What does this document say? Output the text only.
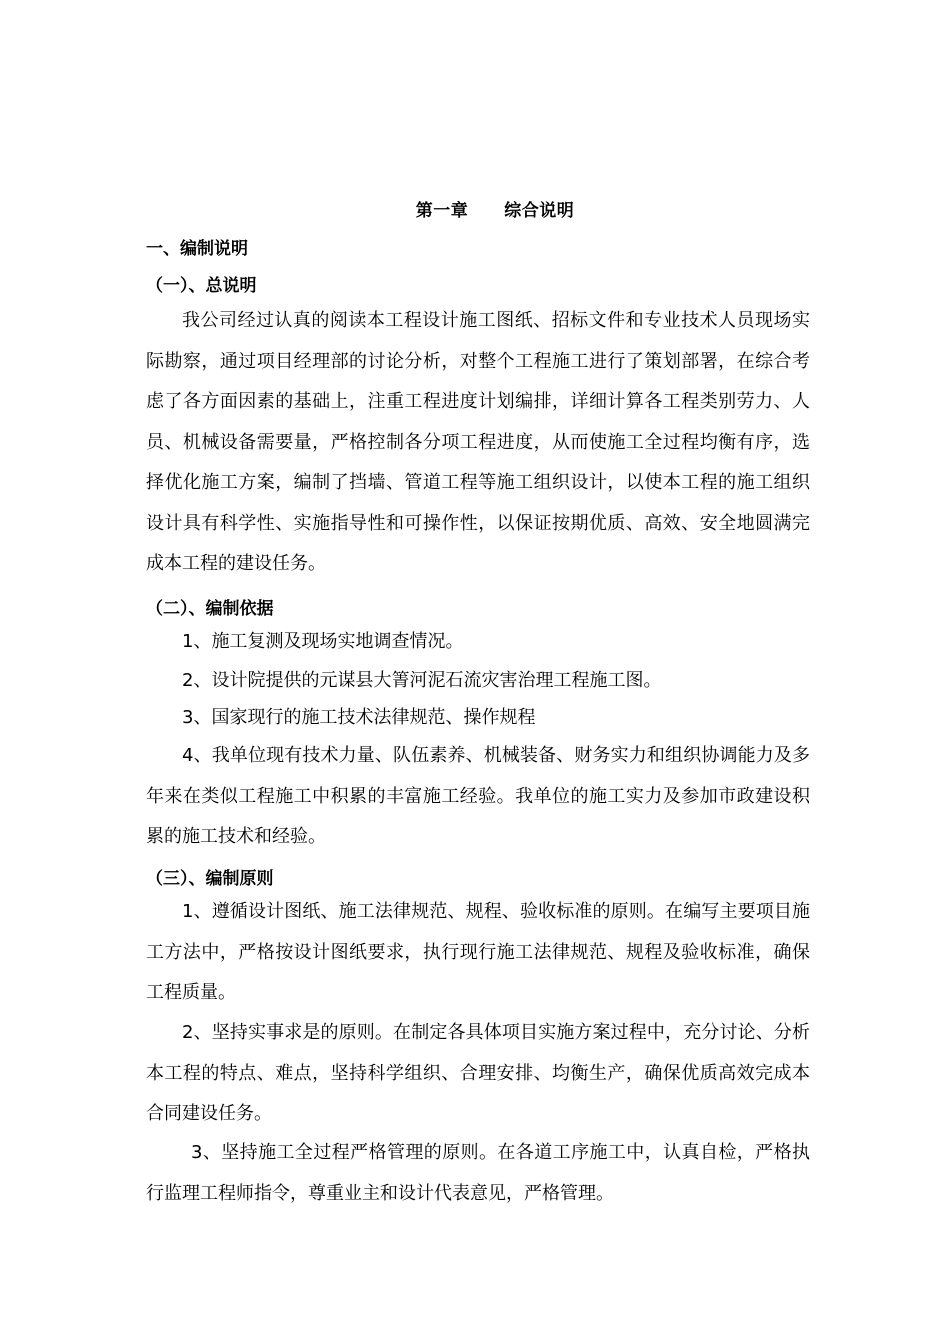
第一章 综合说明
一、编制说明
（一）、总说明

我公司经过认真的阅读本工程设计施工图纸、招标文件和专业技术人员现场实际勘察，通过项目经理部的讨论分析，对整个工程施工进行了策划部署，在综合考虑了各方面因素的基础上，注重工程进度计划编排，详细计算各工程类别劳力、人员、机械设备需要量，严格控制各分项工程进度，从而使施工全过程均衡有序，选择优化施工方案，编制了挡墙、管道工程等施工组织设计，以使本工程的施工组织设计具有科学性、实施指导性和可操作性，以保证按期优质、高效、安全地圆满完成本工程的建设任务。

（二）、编制依据

1、施工复测及现场实地调查情况。

2、设计院提供的元谋县大箐河泥石流灾害治理工程施工图。

3、国家现行的施工技术法律规范、操作规程

4、我单位现有技术力量、队伍素养、机械装备、财务实力和组织协调能力及多年来在类似工程施工中积累的丰富施工经验。我单位的施工实力及参加市政建设积累的施工技术和经验。

（三）、编制原则

1、遵循设计图纸、施工法律规范、规程、验收标准的原则。在编写主要项目施工方法中，严格按设计图纸要求，执行现行施工法律规范、规程及验收标准，确保工程质量。

2、坚持实事求是的原则。在制定各具体项目实施方案过程中，充分讨论、分析本工程的特点、难点，坚持科学组织、合理安排、均衡生产，确保优质高效完成本合同建设任务。

3、坚持施工全过程严格管理的原则。在各道工序施工中，认真自检，严格执行监理工程师指令，尊重业主和设计代表意见，严格管理。
